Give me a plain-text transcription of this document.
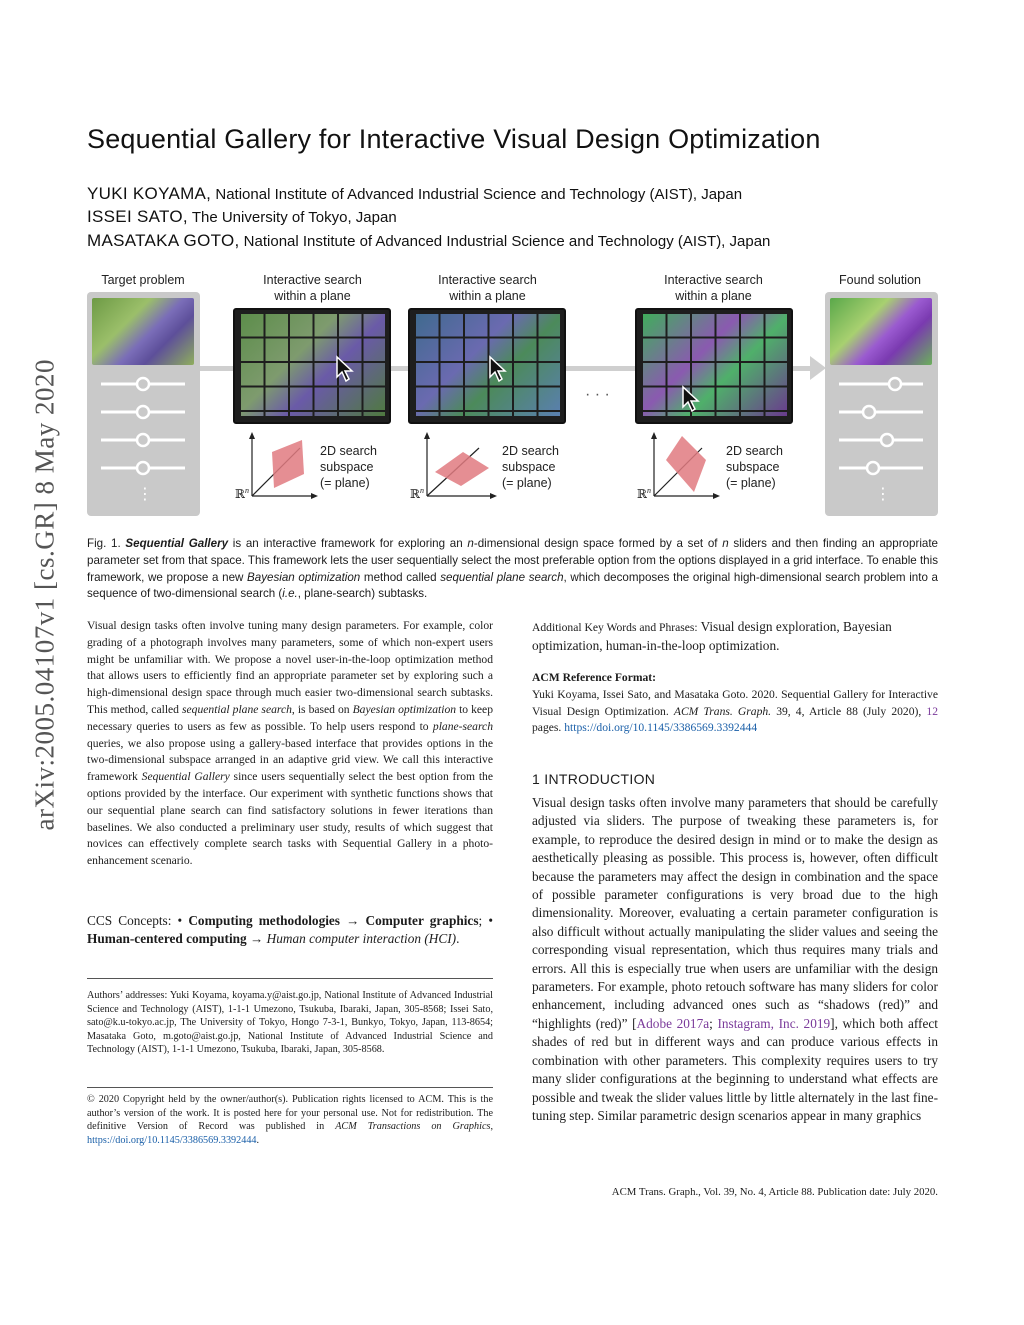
arXiv:2005.04107v1 [cs.GR] 8 May 2020
Sequential Gallery for Interactive Visual Design Optimization
YUKI KOYAMA, National Institute of Advanced Industrial Science and Technology (AIST), Japan
ISSEI SATO, The University of Tokyo, Japan
MASATAKA GOTO, National Institute of Advanced Industrial Science and Technology (AIST), Japan
Target problem	Interactive search
within a plane
Interactive search
within a plane
Interactive search
within a plane
Found solution
· · ·
⋮	ℝ$^n$
2D search
subspace
(= plane)
ℝ$^n$
2D search
subspace
(= plane)
ℝ$^n$
2D search
subspace
(= plane)
⋮
Fig. 1. Sequential Gallery is an interactive framework for exploring an n-dimensional design space formed by a set of n sliders and then finding an appropriate parameter set from that space. This framework lets the user sequentially select the most preferable option from the options displayed in a grid interface. To enable this framework, we propose a new Bayesian optimization method called sequential plane search, which decomposes the original high-dimensional search problem into a sequence of two-dimensional search (i.e., plane-search) subtasks.
Visual design tasks often involve tuning many design parameters. For example, color grading of a photograph involves many parameters, some of which non-expert users might be unfamiliar with. We propose a novel user-in-the-loop optimization method that allows users to efficiently find an appropriate parameter set by exploring such a high-dimensional design space through much easier two-dimensional search subtasks. This method, called sequential plane search, is based on Bayesian optimization to keep necessary queries to users as few as possible. To help users respond to plane-search queries, we also propose using a gallery-based interface that provides options in the two-dimensional subspace arranged in an adaptive grid view. We call this interactive framework Sequential Gallery since users sequentially select the best option from the options provided by the interface. Our experiment with synthetic functions shows that our sequential plane search can find satisfactory solutions in fewer iterations than baselines. We also conducted a preliminary user study, results of which suggest that novices can effectively complete search tasks with Sequential Gallery in a photo-enhancement scenario.
CCS Concepts: • Computing methodologies → Computer graphics; • Human-centered computing → Human computer interaction (HCI).
Authors’ addresses: Yuki Koyama, koyama.y@aist.go.jp, National Institute of Advanced Industrial Science and Technology (AIST), 1-1-1 Umezono, Tsukuba, Ibaraki, Japan, 305-8568; Issei Sato, sato@k.u-tokyo.ac.jp, The University of Tokyo, Hongo 7-3-1, Bunkyo, Tokyo, Japan, 113-8654; Masataka Goto, m.goto@aist.go.jp, National Institute of Advanced Industrial Science and Technology (AIST), 1-1-1 Umezono, Tsukuba, Ibaraki, Japan, 305-8568.
© 2020 Copyright held by the owner/author(s). Publication rights licensed to ACM. This is the author’s version of the work. It is posted here for your personal use. Not for redistribution. The definitive Version of Record was published in ACM Transactions on Graphics, https://doi.org/10.1145/3386569.3392444.
Additional Key Words and Phrases: Visual design exploration, Bayesian optimization, human-in-the-loop optimization.
ACM Reference Format:
Yuki Koyama, Issei Sato, and Masataka Goto. 2020. Sequential Gallery for Interactive Visual Design Optimization. ACM Trans. Graph. 39, 4, Article 88 (July 2020), 12 pages. https://doi.org/10.1145/3386569.3392444
1 INTRODUCTION
Visual design tasks often involve many parameters that should be carefully adjusted via sliders. The purpose of tweaking these parameters is, for example, to reproduce the desired design in mind or to make the design as aesthetically pleasing as possible. This process is, however, often difficult because the parameters may affect the design in combination and the space of possible parameter configurations is very broad due to the high dimensionality. Moreover, evaluating a certain parameter configuration is also difficult without actually manipulating the slider values and seeing the corresponding visual representation, which thus requires many trials and errors. All this is especially true when users are unfamiliar with the design parameters. For example, photo retouch software has many sliders for color enhancement, including advanced ones such as “shadows (red)” and “highlights (red)” [Adobe 2017a; Instagram, Inc. 2019], which both affect shades of red but in different ways and can produce various effects in combination with other parameters. This complexity requires users to try many slider configurations at the beginning to understand what effects are possible and tweak the slider values little by little alternately in the last fine-tuning step. Similar parametric design scenarios appear in many graphics
ACM Trans. Graph., Vol. 39, No. 4, Article 88. Publication date: July 2020.
